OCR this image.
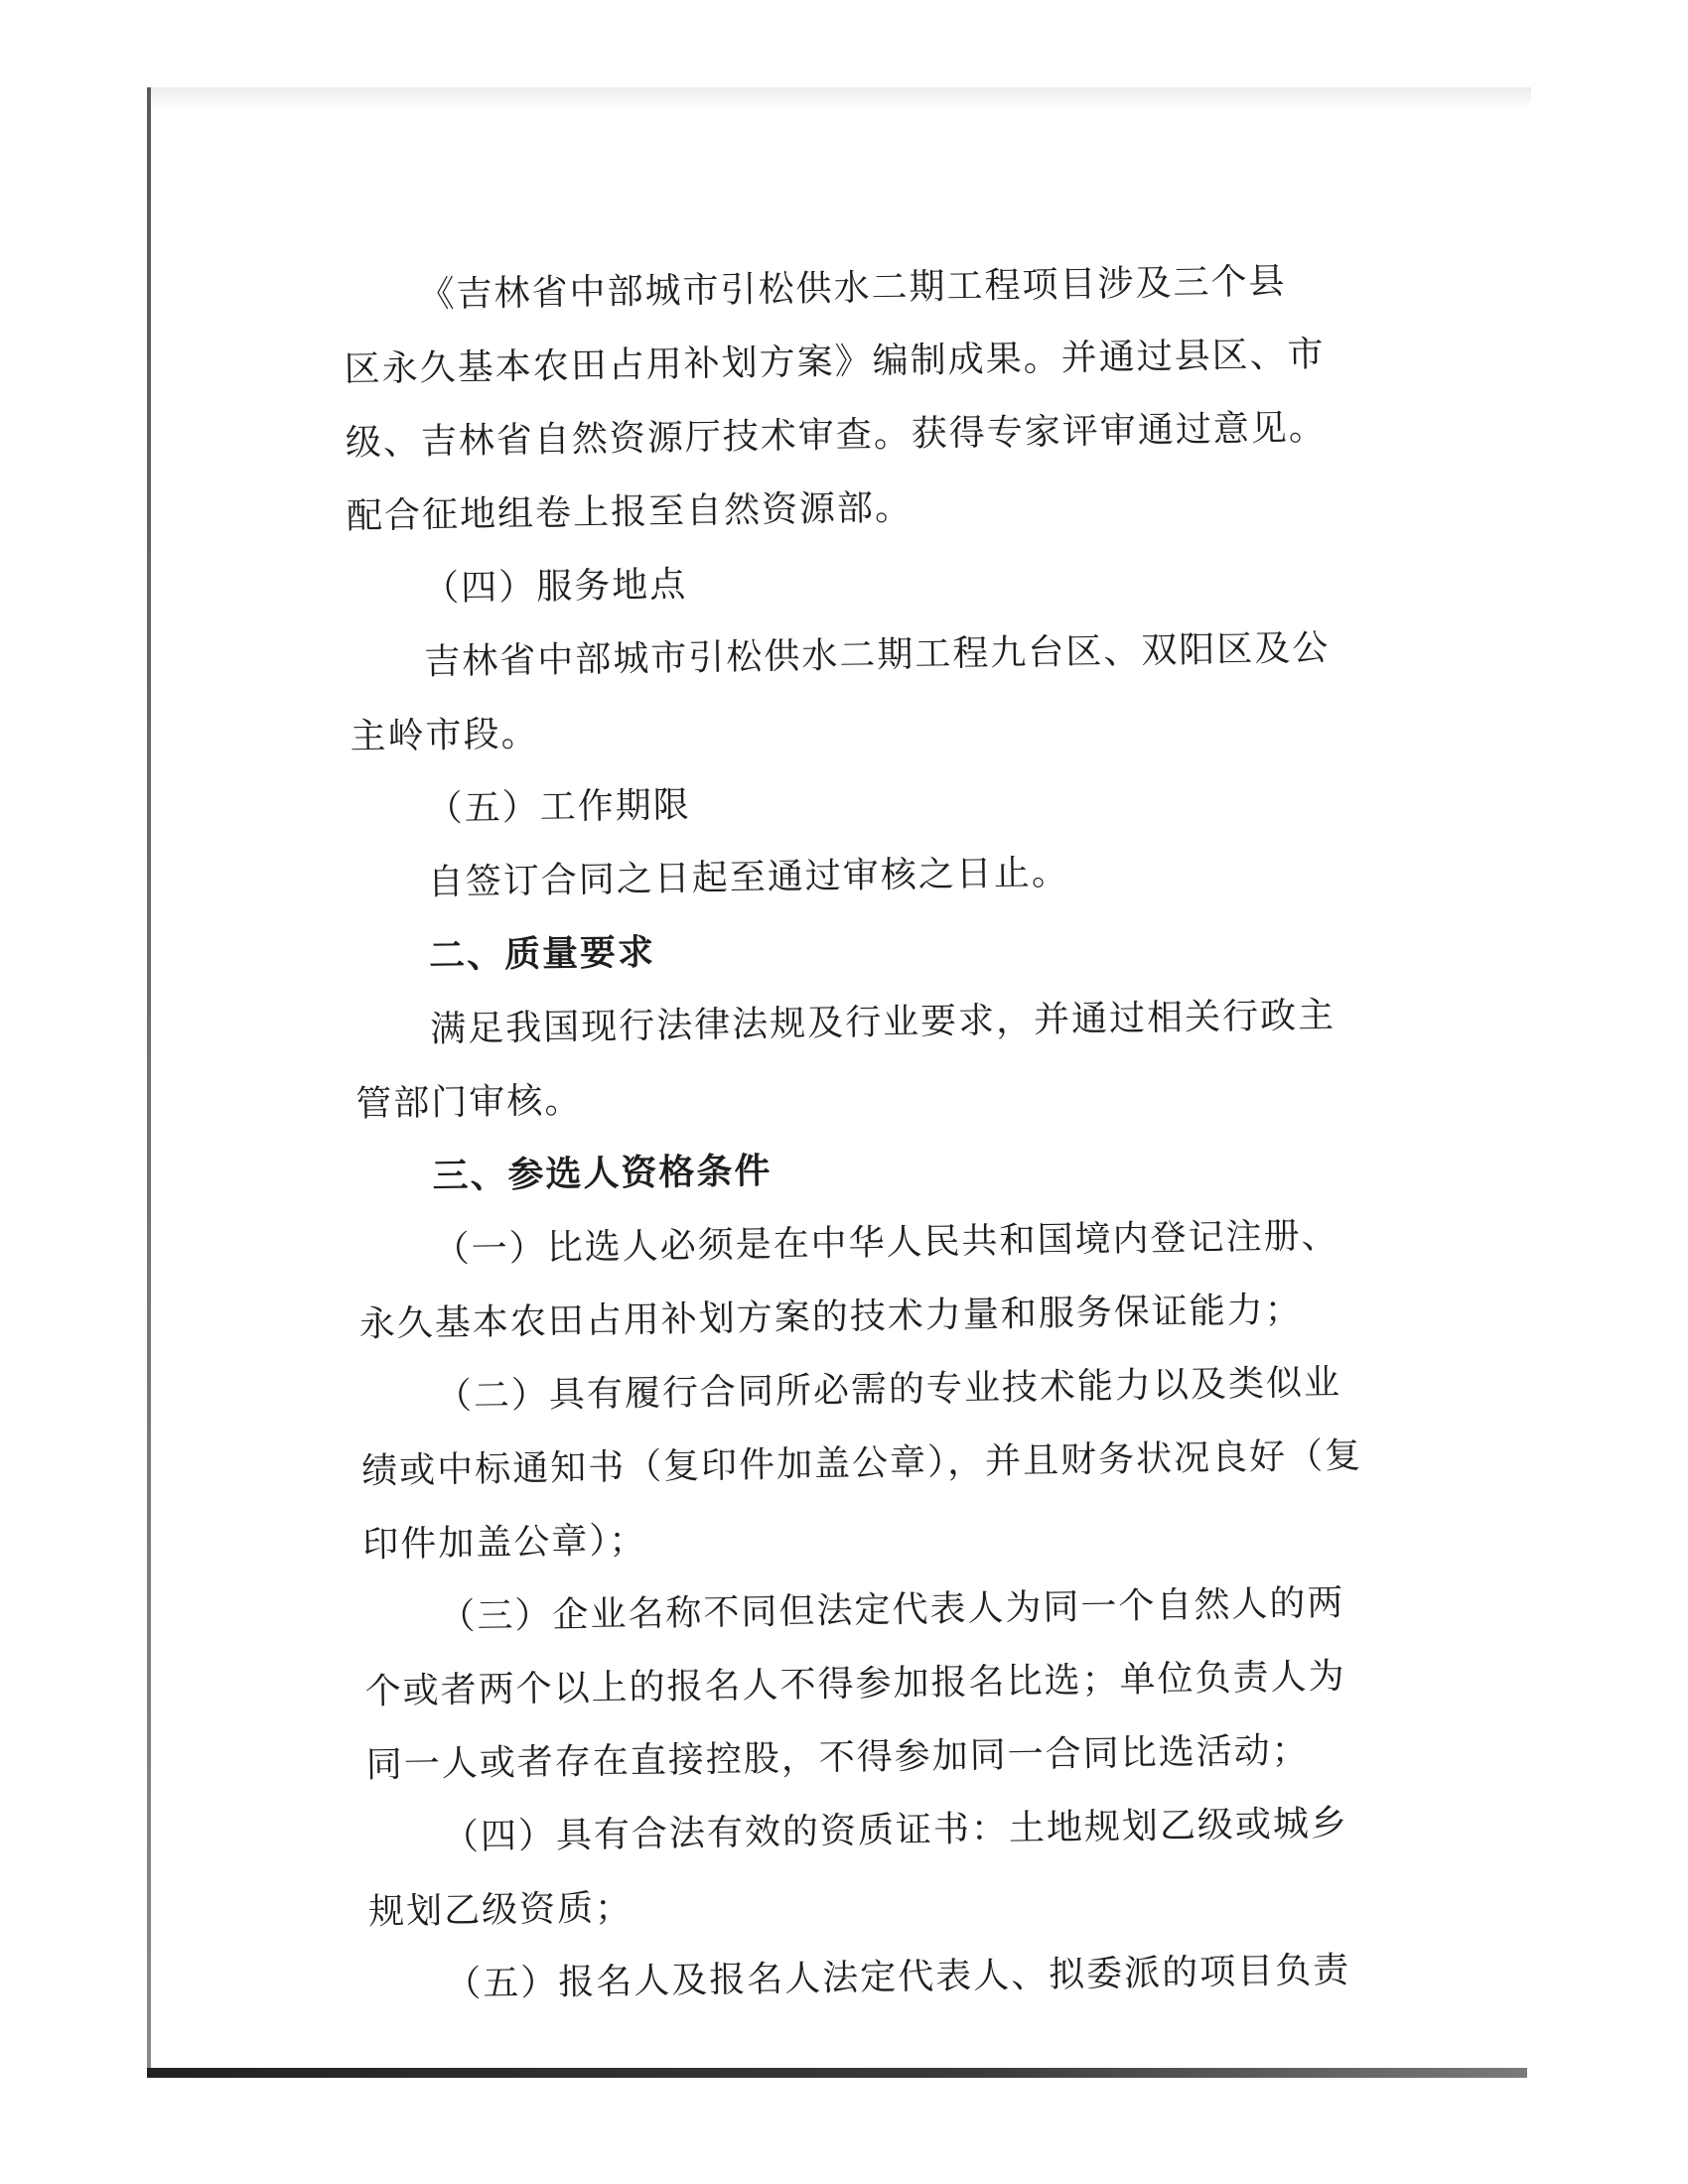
《吉林省中部城市引松供水二期工程项目涉及三个县
区永久基本农田占用补划方案》编制成果。并通过县区、市
级、吉林省自然资源厅技术审查。获得专家评审通过意见。
配合征地组卷上报至自然资源部。
（四）服务地点
吉林省中部城市引松供水二期工程九台区、双阳区及公
主岭市段。
（五）工作期限
自签订合同之日起至通过审核之日止。
二、质量要求
满足我国现行法律法规及行业要求，并通过相关行政主
管部门审核。
三、参选人资格条件
（一）比选人必须是在中华人民共和国境内登记注册、
永久基本农田占用补划方案的技术力量和服务保证能力；
（二）具有履行合同所必需的专业技术能力以及类似业
绩或中标通知书（复印件加盖公章），并且财务状况良好（复
印件加盖公章）；
（三）企业名称不同但法定代表人为同一个自然人的两
个或者两个以上的报名人不得参加报名比选；单位负责人为
同一人或者存在直接控股，不得参加同一合同比选活动；
（四）具有合法有效的资质证书：土地规划乙级或城乡
规划乙级资质；
（五）报名人及报名人法定代表人、拟委派的项目负责
